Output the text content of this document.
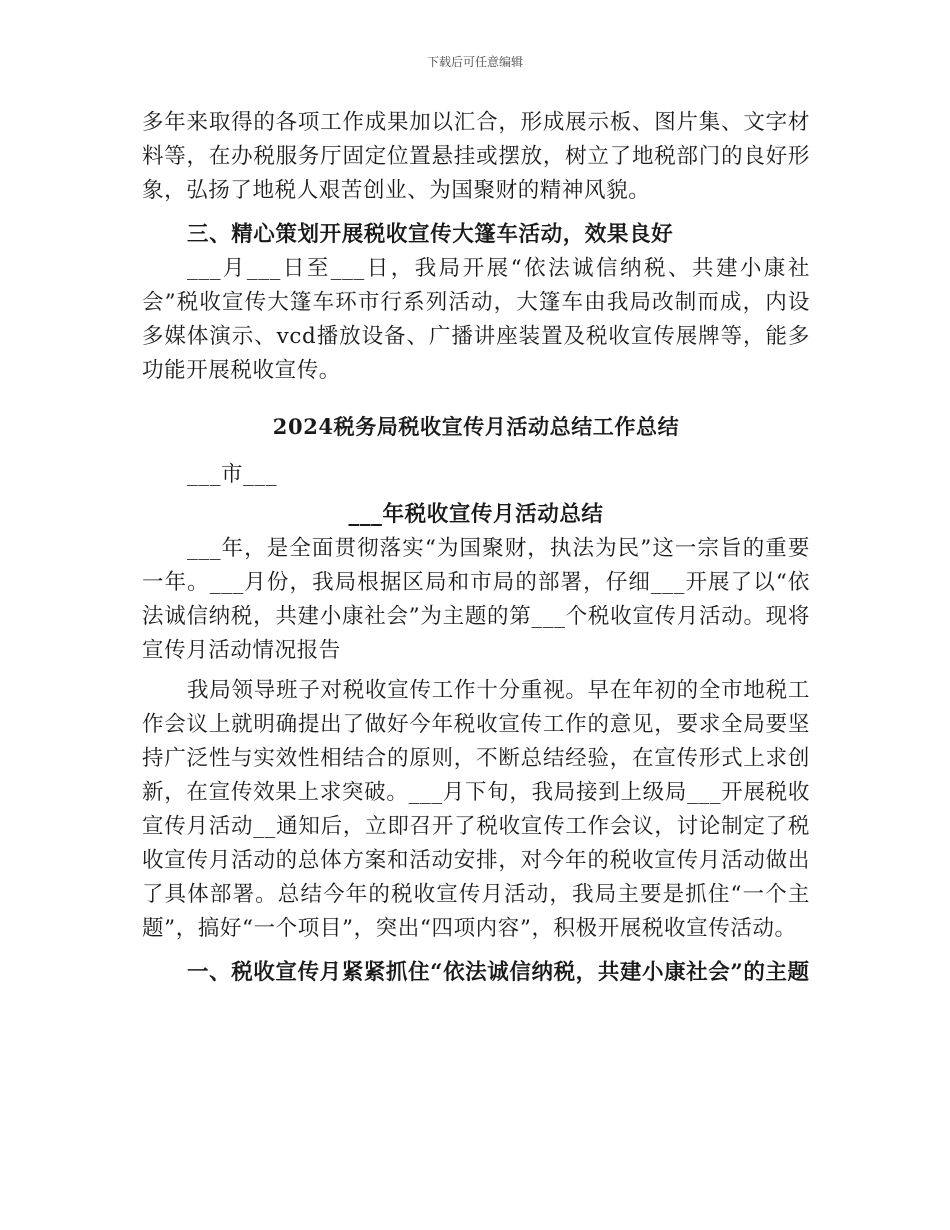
下载后可任意编辑

多年来取得的各项工作成果加以汇合，形成展示板、图片集、文字材料等，在办税服务厅固定位置悬挂或摆放，树立了地税部门的良好形象，弘扬了地税人艰苦创业、为国聚财的精神风貌。

三、精心策划开展税收宣传大篷车活动，效果良好

___月___日至___日，我局开展“依法诚信纳税、共建小康社会”税收宣传大篷车环市行系列活动，大篷车由我局改制而成，内设多媒体演示、vcd播放设备、广播讲座装置及税收宣传展牌等，能多功能开展税收宣传。

2024税务局税收宣传月活动总结工作总结

___市___

___年税收宣传月活动总结

___年，是全面贯彻落实“为国聚财，执法为民”这一宗旨的重要一年。___月份，我局根据区局和市局的部署，仔细___开展了以“依法诚信纳税，共建小康社会”为主题的第___个税收宣传月活动。现将宣传月活动情况报告

我局领导班子对税收宣传工作十分重视。早在年初的全市地税工作会议上就明确提出了做好今年税收宣传工作的意见，要求全局要坚持广泛性与实效性相结合的原则，不断总结经验，在宣传形式上求创新，在宣传效果上求突破。___月下旬，我局接到上级局___开展税收宣传月活动__通知后，立即召开了税收宣传工作会议，讨论制定了税收宣传月活动的总体方案和活动安排，对今年的税收宣传月活动做出了具体部署。总结今年的税收宣传月活动，我局主要是抓住“一个主题”，搞好“一个项目”，突出“四项内容”，积极开展税收宣传活动。

一、税收宣传月紧紧抓住“依法诚信纳税，共建小康社会”的主题
